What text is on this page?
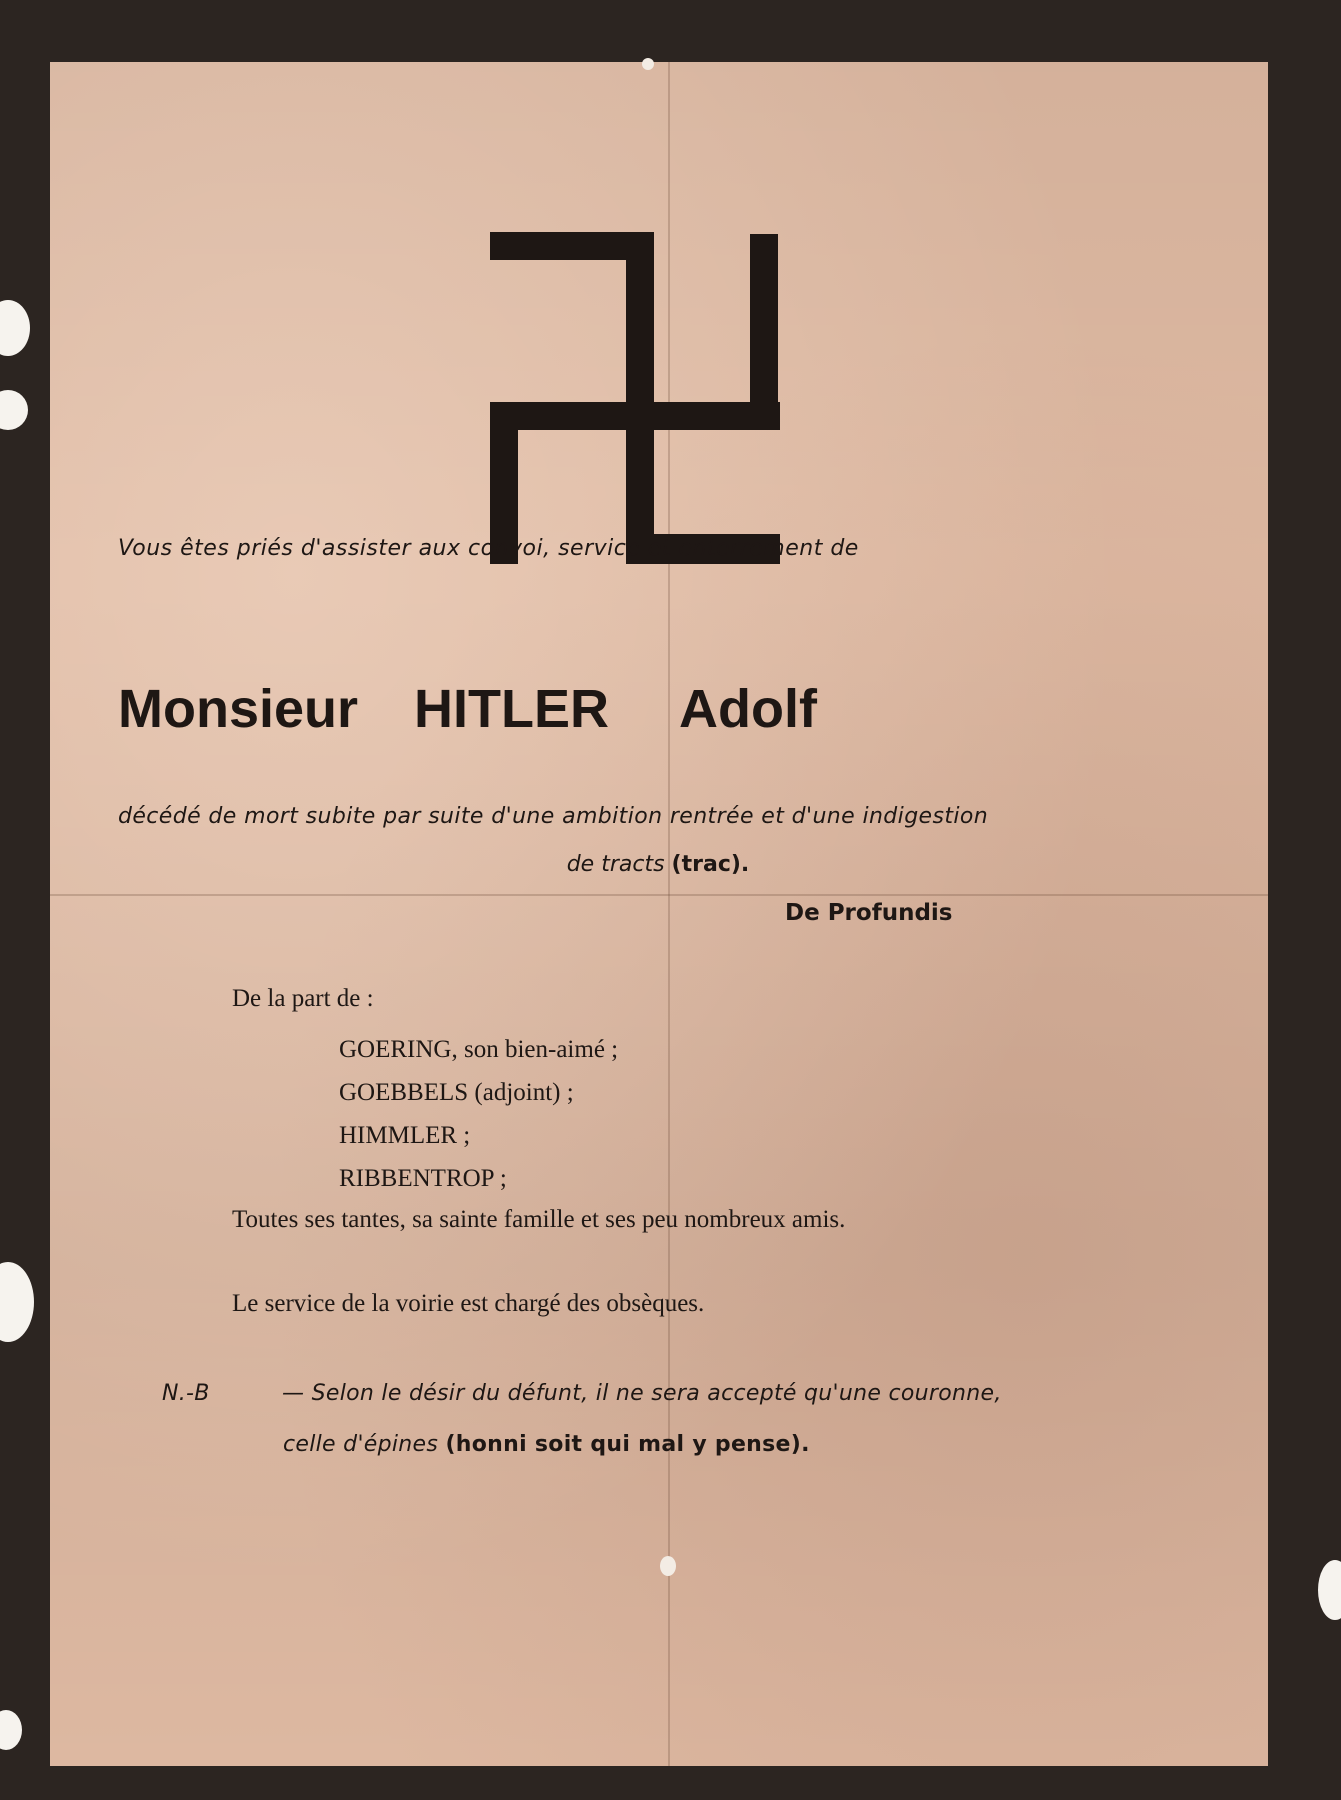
Vous êtes priés d'assister aux convoi, service et enterrement de
Monsieur HITLER Adolf
décédé de mort subite par suite d'une ambition rentrée et d'une indigestion
de tracts (trac).
De Profundis
De la part de :
GOERING, son bien-aimé ;
GOEBBELS (adjoint) ;
HIMMLER ;
RIBBENTROP ;
Toutes ses tantes, sa sainte famille et ses peu nombreux amis.
Le service de la voirie est chargé des obsèques.
N.-B	— Selon le désir du défunt, il ne sera accepté qu'une couronne,
celle d'épines (honni soit qui mal y pense).
